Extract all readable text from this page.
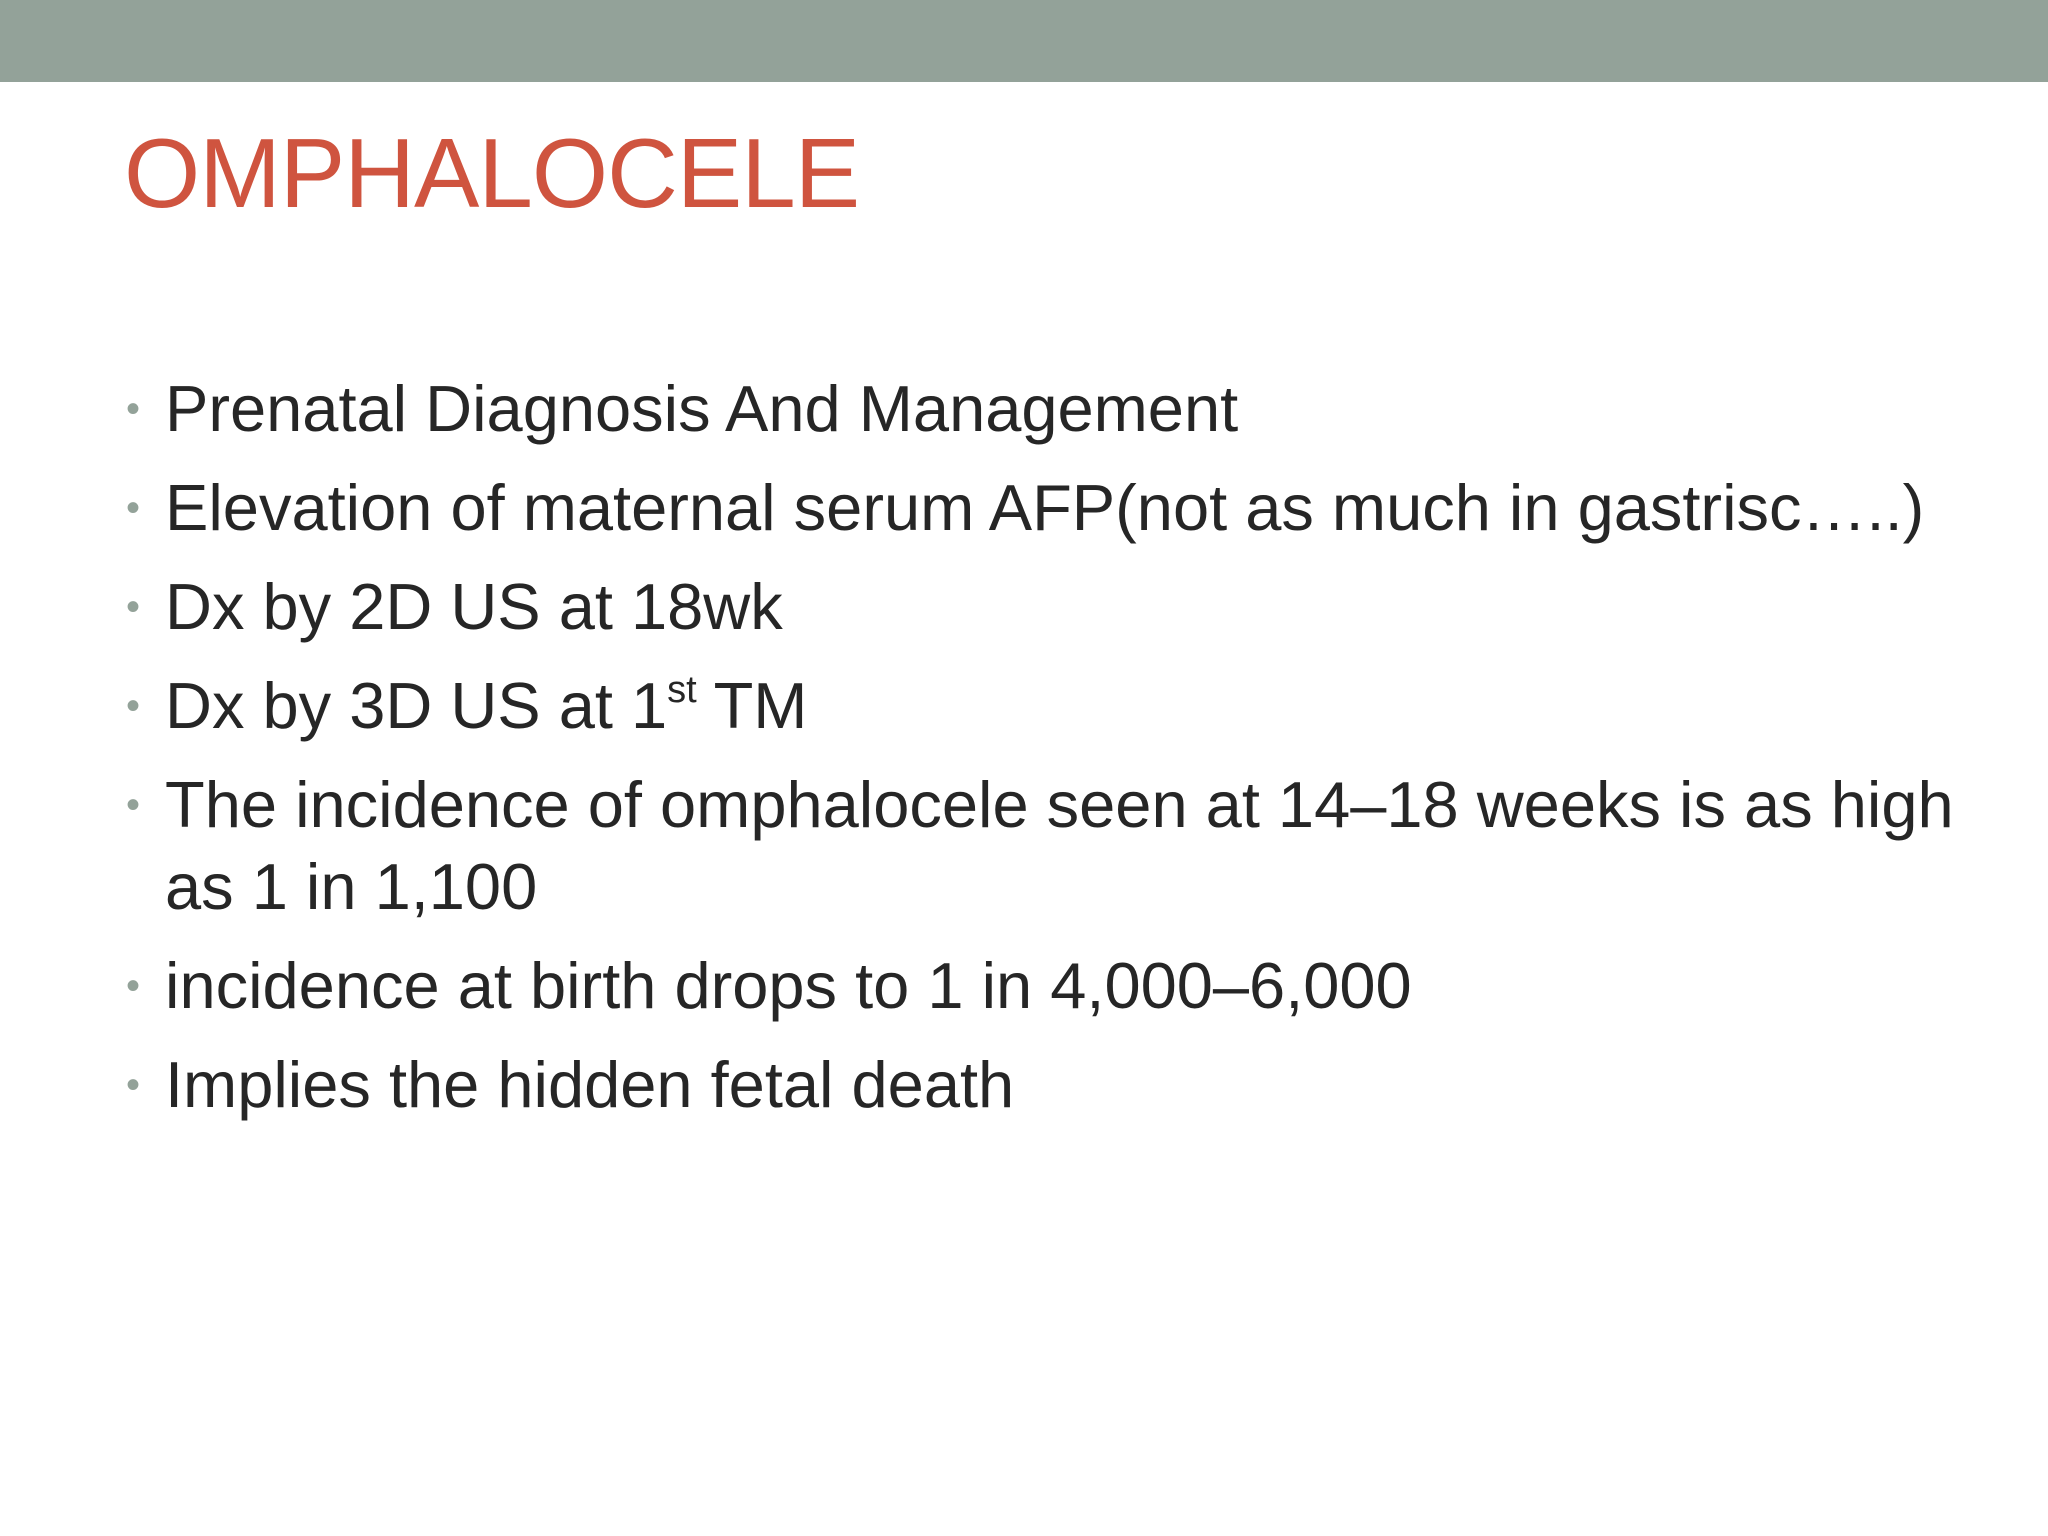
OMPHALOCELE
• Prenatal Diagnosis And Management
• Elevation of maternal serum AFP(not as much in gastrisc…..)
• Dx by 2D US at 18wk
• Dx by 3D US at 1st TM
• The incidence of omphalocele seen at 14–18 weeks is as high as 1 in 1,100
• incidence at birth drops to 1 in 4,000–6,000
• Implies the hidden fetal death
